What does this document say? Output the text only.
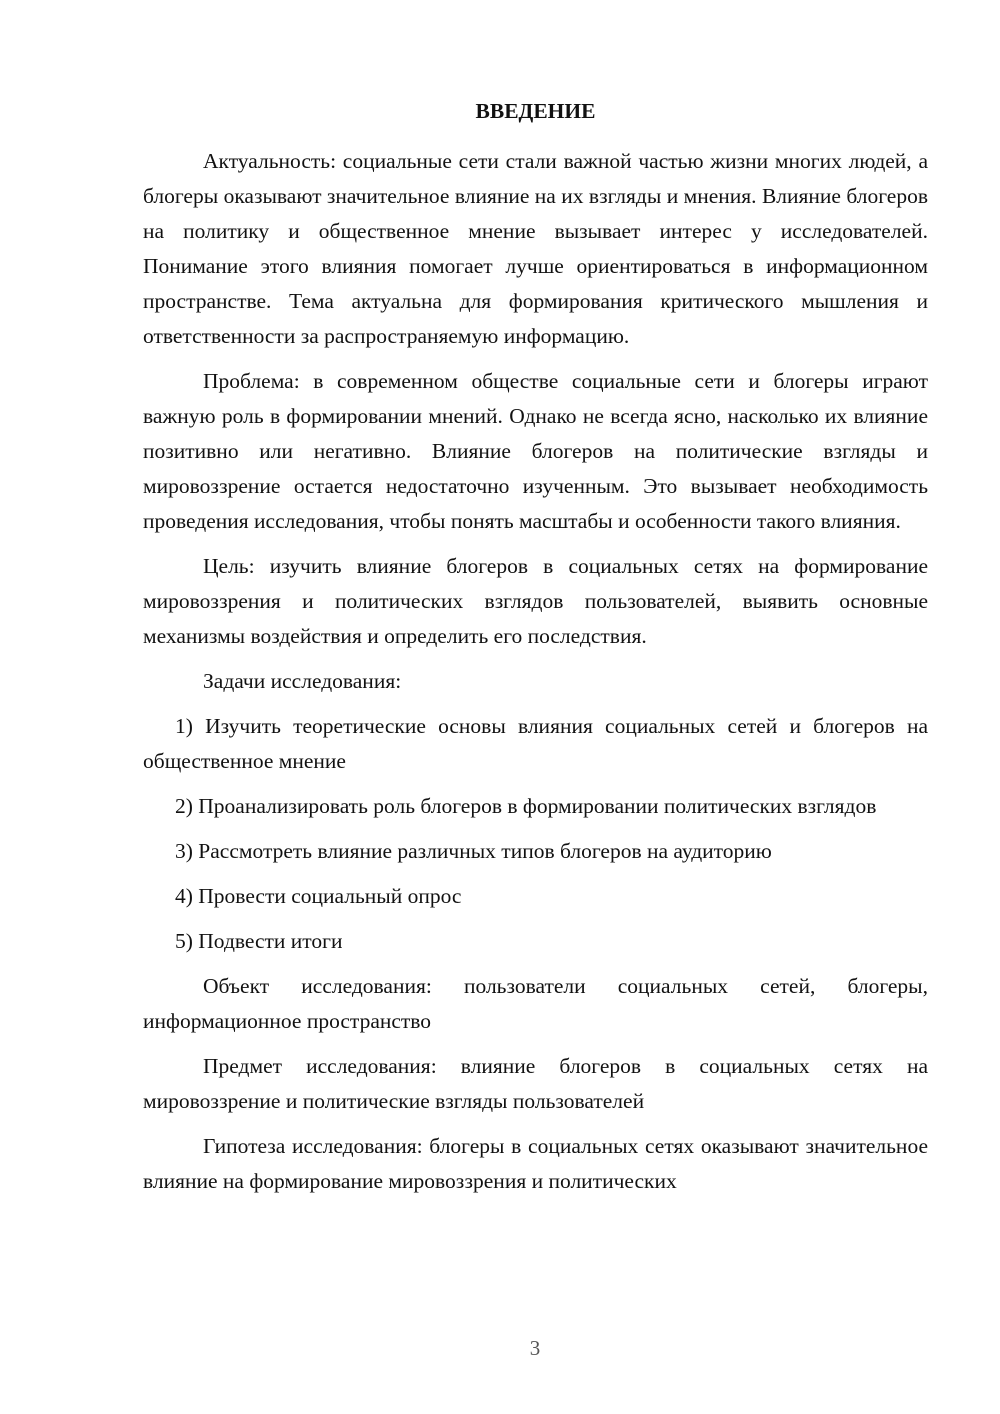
ВВЕДЕНИЕ

Актуальность: социальные сети стали важной частью жизни многих людей, а блогеры оказывают значительное влияние на их взгляды и мнения. Влияние блогеров на политику и общественное мнение вызывает интерес у исследователей. Понимание этого влияния помогает лучше ориентироваться в информационном пространстве. Тема актуальна для формирования критического мышления и ответственности за распространяемую информацию.

Проблема: в современном обществе социальные сети и блогеры играют важную роль в формировании мнений. Однако не всегда ясно, насколько их влияние позитивно или негативно. Влияние блогеров на политические взгляды и мировоззрение остается недостаточно изученным. Это вызывает необходимость проведения исследования, чтобы понять масштабы и особенности такого влияния.

Цель: изучить влияние блогеров в социальных сетях на формирование мировоззрения и политических взглядов пользователей, выявить основные механизмы воздействия и определить его последствия.

Задачи исследования:

1) Изучить теоретические основы влияния социальных сетей и блогеров на общественное мнение

2) Проанализировать роль блогеров в формировании политических взглядов

3) Рассмотреть влияние различных типов блогеров на аудиторию

4) Провести социальный опрос

5) Подвести итоги

Объект исследования: пользователи социальных сетей, блогеры, информационное пространство

Предмет исследования: влияние блогеров в социальных сетях на мировоззрение и политические взгляды пользователей

Гипотеза исследования: блогеры в социальных сетях оказывают значительное влияние на формирование мировоззрения и политических

3
